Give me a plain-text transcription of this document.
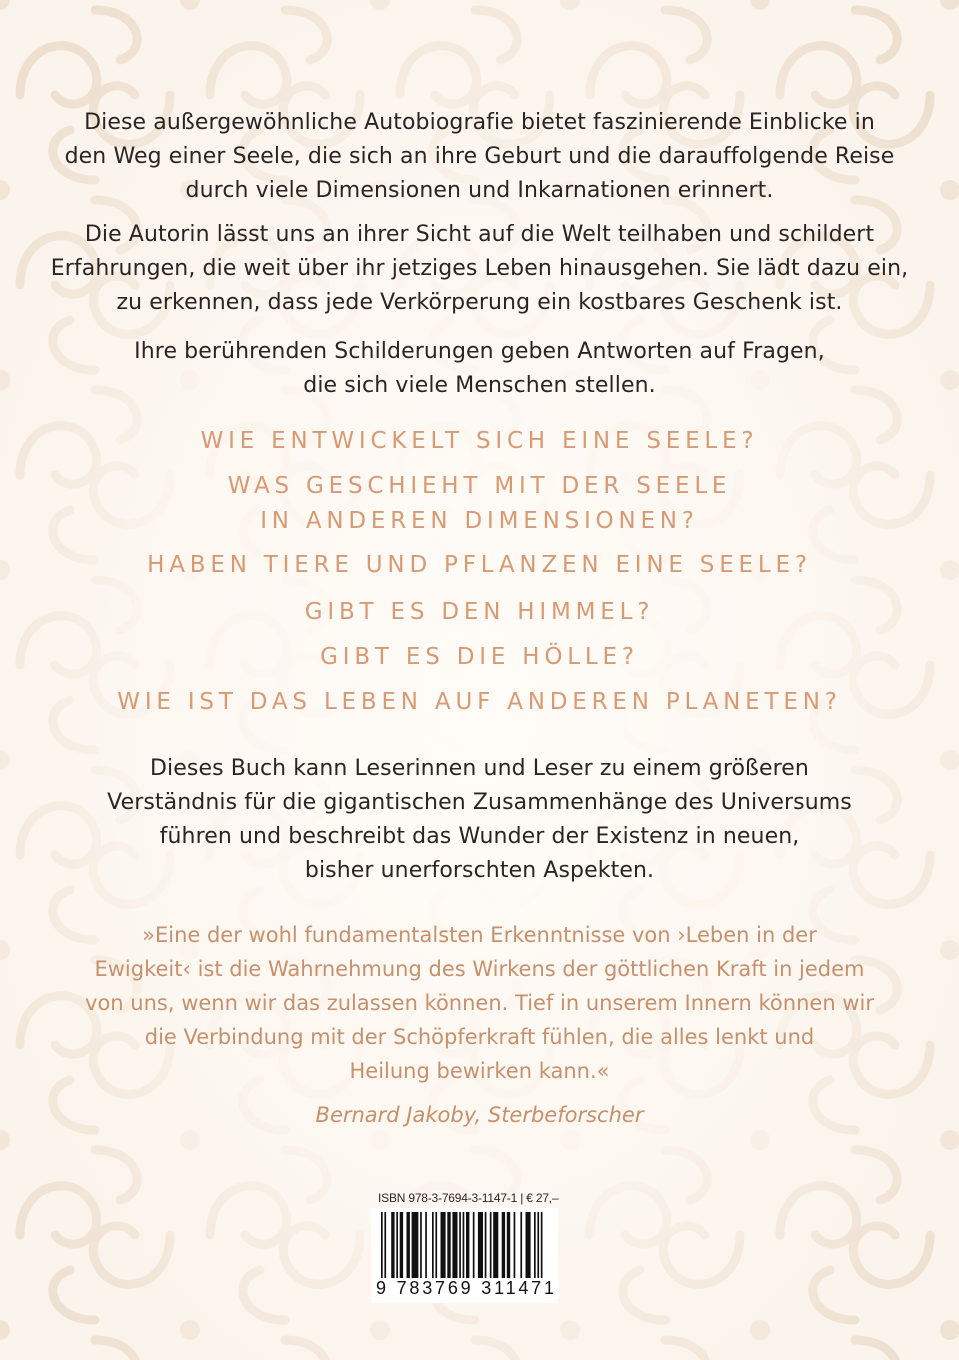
Diese außergewöhnliche Autobiografie bietet faszinierende Einblicke in
den Weg einer Seele, die sich an ihre Geburt und die darauffolgende Reise
durch viele Dimensionen und Inkarnationen erinnert.
Die Autorin lässt uns an ihrer Sicht auf die Welt teilhaben und schildert
Erfahrungen, die weit über ihr jetziges Leben hinausgehen. Sie lädt dazu ein,
zu erkennen, dass jede Verkörperung ein kostbares Geschenk ist.
Ihre berührenden Schilderungen geben Antworten auf Fragen,
die sich viele Menschen stellen.
WIE ENTWICKELT SICH EINE SEELE?
WAS GESCHIEHT MIT DER SEELE
IN ANDEREN DIMENSIONEN?
HABEN TIERE UND PFLANZEN EINE SEELE?
GIBT ES DEN HIMMEL?
GIBT ES DIE HÖLLE?
WIE IST DAS LEBEN AUF ANDEREN PLANETEN?
Dieses Buch kann Leserinnen und Leser zu einem größeren
Verständnis für die gigantischen Zusammenhänge des Universums
führen und beschreibt das Wunder der Existenz in neuen,
bisher unerforschten Aspekten.
»Eine der wohl fundamentalsten Erkenntnisse von ›Leben in der
Ewigkeit‹ ist die Wahrnehmung des Wirkens der göttlichen Kraft in jedem
von uns, wenn wir das zulassen können. Tief in unserem Innern können wir
die Verbindung mit der Schöpferkraft fühlen, die alles lenkt und
Heilung bewirken kann.«

Bernard Jakoby, Sterbeforscher

ISBN 978-3-7694-3-1147-1 | € 27,–
9 783769 311471
